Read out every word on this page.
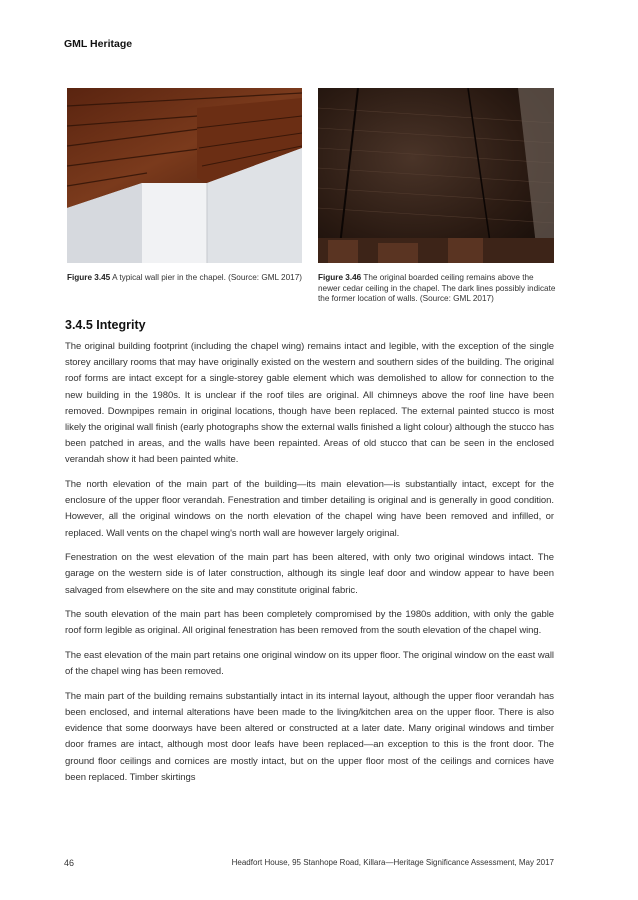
GML Heritage
Figure 3.45 A typical wall pier in the chapel. (Source: GML 2017)	Figure 3.46 The original boarded ceiling remains above the newer cedar ceiling in the chapel. The dark lines possibly indicate the former location of walls. (Source: GML 2017)
3.4.5 Integrity

The original building footprint (including the chapel wing) remains intact and legible, with the exception of the single storey ancillary rooms that may have originally existed on the western and southern sides of the building. The original roof forms are intact except for a single-storey gable element which was demolished to allow for connection to the new building in the 1980s. It is unclear if the roof tiles are original. All chimneys above the roof line have been removed. Downpipes remain in original locations, though have been replaced. The external painted stucco is most likely the original wall finish (early photographs show the external walls finished a light colour) although the stucco has been patched in areas, and the walls have been repainted. Areas of old stucco that can be seen in the enclosed verandah show it had been painted white.

The north elevation of the main part of the building—its main elevation—is substantially intact, except for the enclosure of the upper floor verandah. Fenestration and timber detailing is original and is generally in good condition. However, all the original windows on the north elevation of the chapel wing have been removed and infilled, or replaced. Wall vents on the chapel wing's north wall are however largely original.

Fenestration on the west elevation of the main part has been altered, with only two original windows intact. The garage on the western side is of later construction, although its single leaf door and window appear to have been salvaged from elsewhere on the site and may constitute original fabric.

The south elevation of the main part has been completely compromised by the 1980s addition, with only the gable roof form legible as original. All original fenestration has been removed from the south elevation of the chapel wing.

The east elevation of the main part retains one original window on its upper floor. The original window on the east wall of the chapel wing has been removed.

The main part of the building remains substantially intact in its internal layout, although the upper floor verandah has been enclosed, and internal alterations have been made to the living/kitchen area on the upper floor. There is also evidence that some doorways have been altered or constructed at a later date. Many original windows and timber door frames are intact, although most door leafs have been replaced—an exception to this is the front door. The ground floor ceilings and cornices are mostly intact, but on the upper floor most of the ceilings and cornices have been replaced. Timber skirtings

46	Headfort House, 95 Stanhope Road, Killara—Heritage Significance Assessment, May 2017
